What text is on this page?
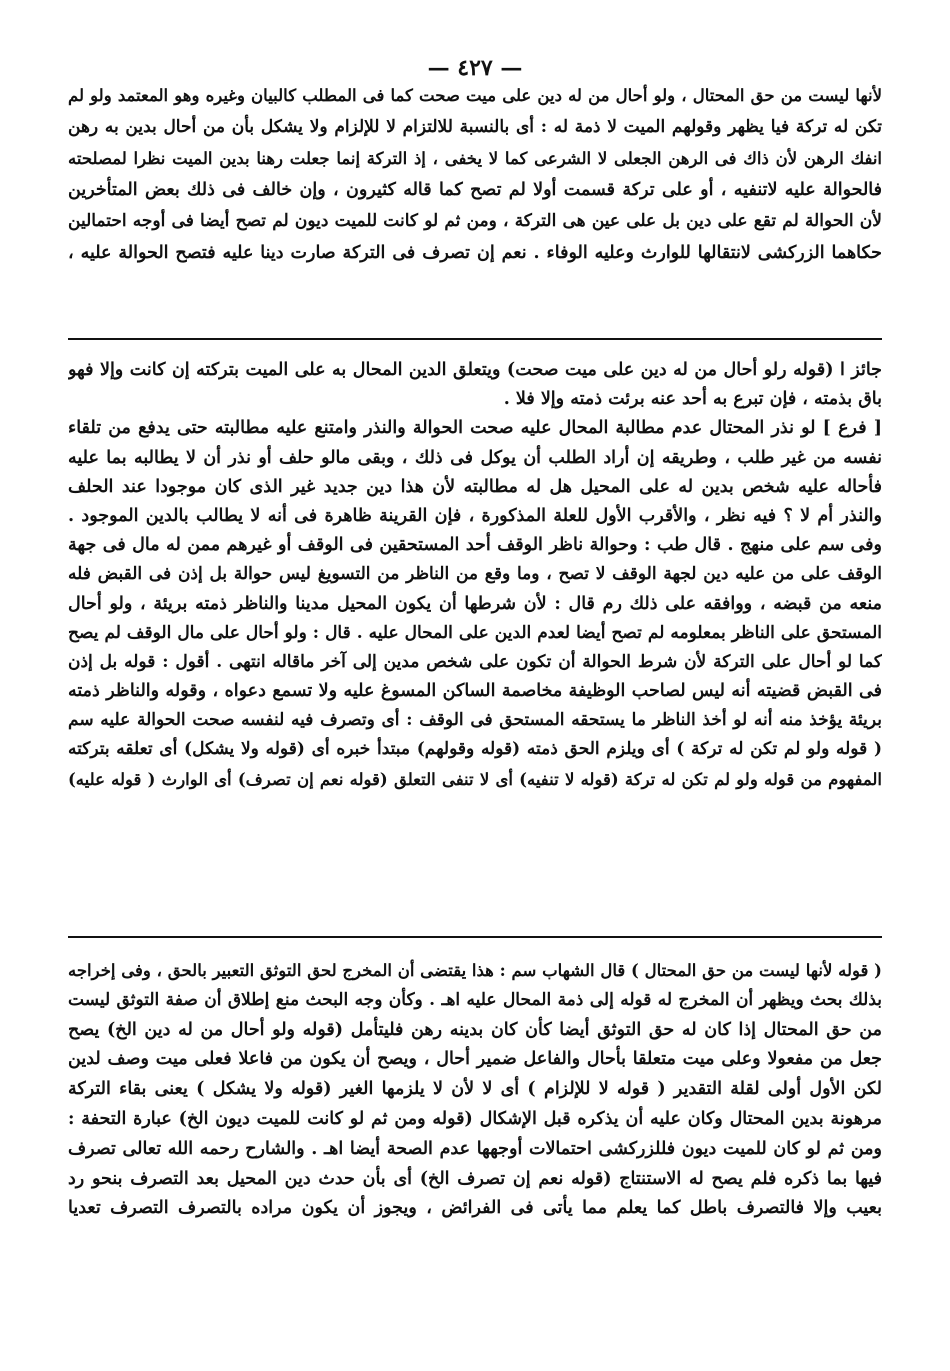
— ٤٢٧ —
لأنها ليست من حق المحتال ، ولو أحال من له دين على ميت صحت كما فى المطلب كالبيان وغيره وهو المعتمد ولو لم
تكن له تركة فيا يظهر وقولهم الميت لا ذمة له : أى بالنسبة للالتزام لا للإلزام ولا يشكل بأن من أحال بدين به رهن
انفك الرهن لأن ذاك فى الرهن الجعلى لا الشرعى كما لا يخفى ، إذ التركة إنما جعلت رهنا بدين الميت نظرا لمصلحته
فالحوالة عليه لاتنفيه ، أو على تركة قسمت أولا لم تصح كما قاله كثيرون ، وإن خالف فى ذلك بعض المتأخرين
لأن الحوالة لم تقع على دين بل على عين هى التركة ، ومن ثم لو كانت للميت ديون لم تصح أيضا فى أوجه احتمالين
حكاهما الزركشى لانتقالها للوارث وعليه الوفاء . نعم إن تصرف فى التركة صارت دينا عليه فتصح الحوالة عليه ،
جائز ا (قوله رلو أحال من له دين على ميت صحت) ويتعلق الدين المحال به على الميت بتركته إن كانت وإلا فهو
باق بذمته ، فإن تبرع به أحد عنه برئت ذمته وإلا فلا .
[ فرع ] لو نذر المحتال عدم مطالبة المحال عليه صحت الحوالة والنذر وامتنع عليه مطالبته حتى يدفع من تلقاء
نفسه من غير طلب ، وطريقه إن أراد الطلب أن يوكل فى ذلك ، وبقى مالو حلف أو نذر أن لا يطالبه بما عليه
فأحاله عليه شخص بدين له على المحيل هل له مطالبته لأن هذا دين جديد غير الذى كان موجودا عند الحلف
والنذر أم لا ؟ فيه نظر ، والأقرب الأول للعلة المذكورة ، فإن القرينة ظاهرة فى أنه لا يطالب بالدين الموجود .
وفى سم على منهج . قال طب : وحوالة ناظر الوقف أحد المستحقين فى الوقف أو غيرهم ممن له مال فى جهة
الوقف على من عليه دين لجهة الوقف لا تصح ، وما وقع من الناظر من التسويغ ليس حوالة بل إذن فى القبض فله
منعه من قبضه ، ووافقه على ذلك رم قال : لأن شرطها أن يكون المحيل مدينا والناظر ذمته بريئة ، ولو أحال
المستحق على الناظر بمعلومه لم تصح أيضا لعدم الدين على المحال عليه . قال : ولو أحال على مال الوقف لم يصح
كما لو أحال على التركة لأن شرط الحوالة أن تكون على شخص مدين إلى آخر ماقاله انتهى . أقول : قوله بل إذن
فى القبض قضيته أنه ليس لصاحب الوظيفة مخاصمة الساكن المسوغ عليه ولا تسمع دعواه ، وقوله والناظر ذمته
بريئة يؤخذ منه أنه لو أخذ الناظر ما يستحقه المستحق فى الوقف : أى وتصرف فيه لنفسه صحت الحوالة عليه سم
( قوله ولو لم تكن له تركة ) أى ويلزم الحق ذمته (قوله وقولهم) مبتدأ خبره أى (قوله ولا يشكل) أى تعلقه بتركته
المفهوم من قوله ولو لم تكن له تركة (قوله لا تنفيه) أى لا تنفى التعلق (قوله نعم إن تصرف) أى الوارث ( قوله عليه)
( قوله لأنها ليست من حق المحتال ) قال الشهاب سم : هذا يقتضى أن المخرج لحق التوثق التعبير بالحق ، وفى إخراجه
بذلك بحث ويظهر أن المخرج له قوله إلى ذمة المحال عليه اهـ . وكأن وجه البحث منع إطلاق أن صفة التوثق ليست
من حق المحتال إذا كان له حق التوثق أيضا كأن كان بدينه رهن فليتأمل (قوله ولو أحال من له دين الخ) يصح
جعل من مفعولا وعلى ميت متعلقا بأحال والفاعل ضمير أحال ، ويصح أن يكون من فاعلا فعلى ميت وصف لدين
لكن الأول أولى لقلة التقدير ( قوله لا للإلزام ) أى لا لأن لا يلزمها الغير (قوله ولا يشكل ) يعنى بقاء التركة
مرهونة بدين المحتال وكان عليه أن يذكره قبل الإشكال (قوله ومن ثم لو كانت للميت ديون الخ) عبارة التحفة :
ومن ثم لو كان للميت ديون فللزركشى احتمالات أوجهها عدم الصحة أيضا اهـ . والشارح رحمه الله تعالى تصرف
فيها بما ذكره فلم يصح له الاستنتاج (قوله نعم إن تصرف الخ) أى بأن حدث دين المحيل بعد التصرف بنحو رد
بعيب وإلا فالتصرف باطل كما يعلم مما يأتى فى الفرائض ، ويجوز أن يكون مراده بالتصرف التصرف تعديا
